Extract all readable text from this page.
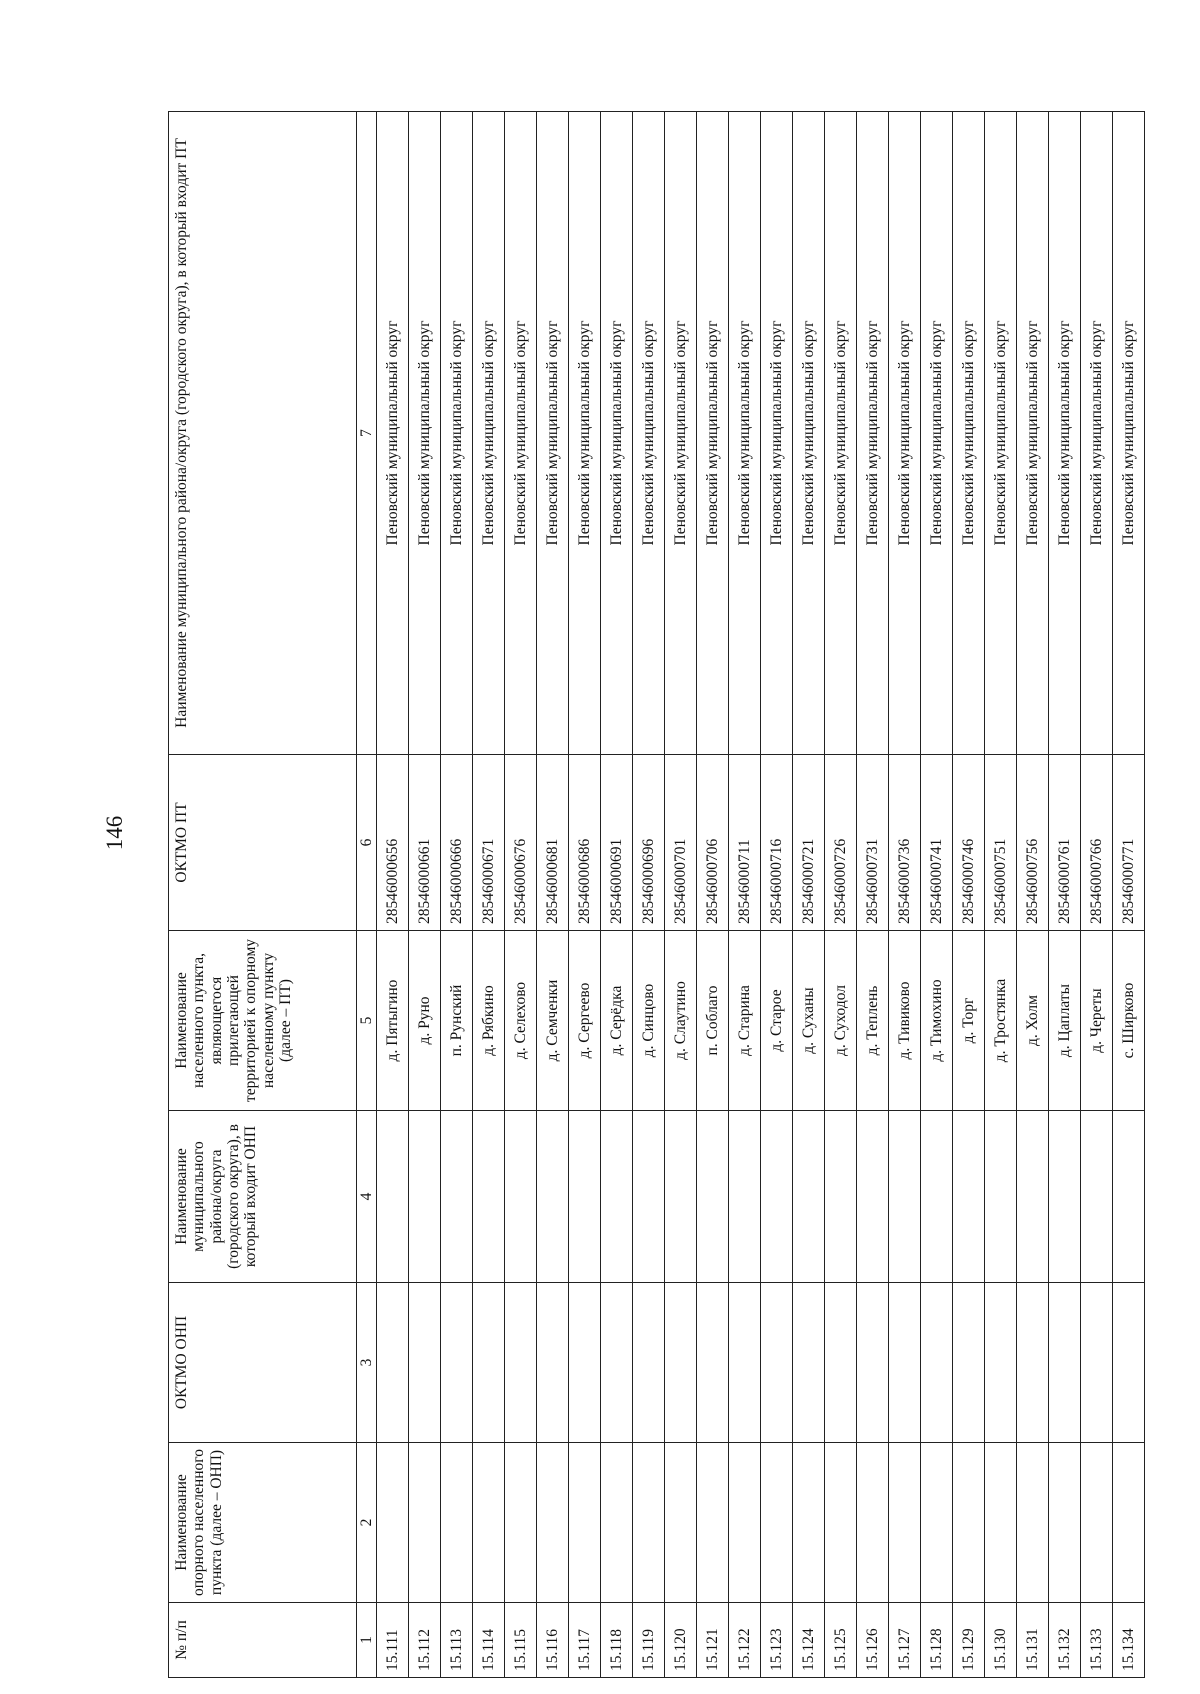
146
№ п/п	Наименование опорного населенного пункта (далее – ОНП)	ОКТМО ОНП	Наименование муниципального района/округа (городского округа), в который входит ОНП	Наименование населенного пункта, являющегося прилегающей территорией к опорному населенному пункту (далее – ПТ)	ОКТМО ПТ	Наименование муниципального района/округа (городского округа), в который входит ПТ
1	2	3	4	5	6	7
15.111				д. Пятыгино	28546000656	Пеновский муниципальный округ
15.112				д. Руно	28546000661	Пеновский муниципальный округ
15.113				п. Рунский	28546000666	Пеновский муниципальный округ
15.114				д. Рябкино	28546000671	Пеновский муниципальный округ
15.115				д. Селехово	28546000676	Пеновский муниципальный округ
15.116				д. Семченки	28546000681	Пеновский муниципальный округ
15.117				д. Сергеево	28546000686	Пеновский муниципальный округ
15.118				д. Серёдка	28546000691	Пеновский муниципальный округ
15.119				д. Синцово	28546000696	Пеновский муниципальный округ
15.120				д. Слаутино	28546000701	Пеновский муниципальный округ
15.121				п. Соблаго	28546000706	Пеновский муниципальный округ
15.122				д. Старина	28546000711	Пеновский муниципальный округ
15.123				д. Старое	28546000716	Пеновский муниципальный округ
15.124				д. Суханы	28546000721	Пеновский муниципальный округ
15.125				д. Суходол	28546000726	Пеновский муниципальный округ
15.126				д. Теплень	28546000731	Пеновский муниципальный округ
15.127				д. Тивиково	28546000736	Пеновский муниципальный округ
15.128				д. Тимохино	28546000741	Пеновский муниципальный округ
15.129				д. Торг	28546000746	Пеновский муниципальный округ
15.130				д. Тростянка	28546000751	Пеновский муниципальный округ
15.131				д. Холм	28546000756	Пеновский муниципальный округ
15.132				д. Цаплаты	28546000761	Пеновский муниципальный округ
15.133				д. Череты	28546000766	Пеновский муниципальный округ
15.134				с. Ширково	28546000771	Пеновский муниципальный округ
